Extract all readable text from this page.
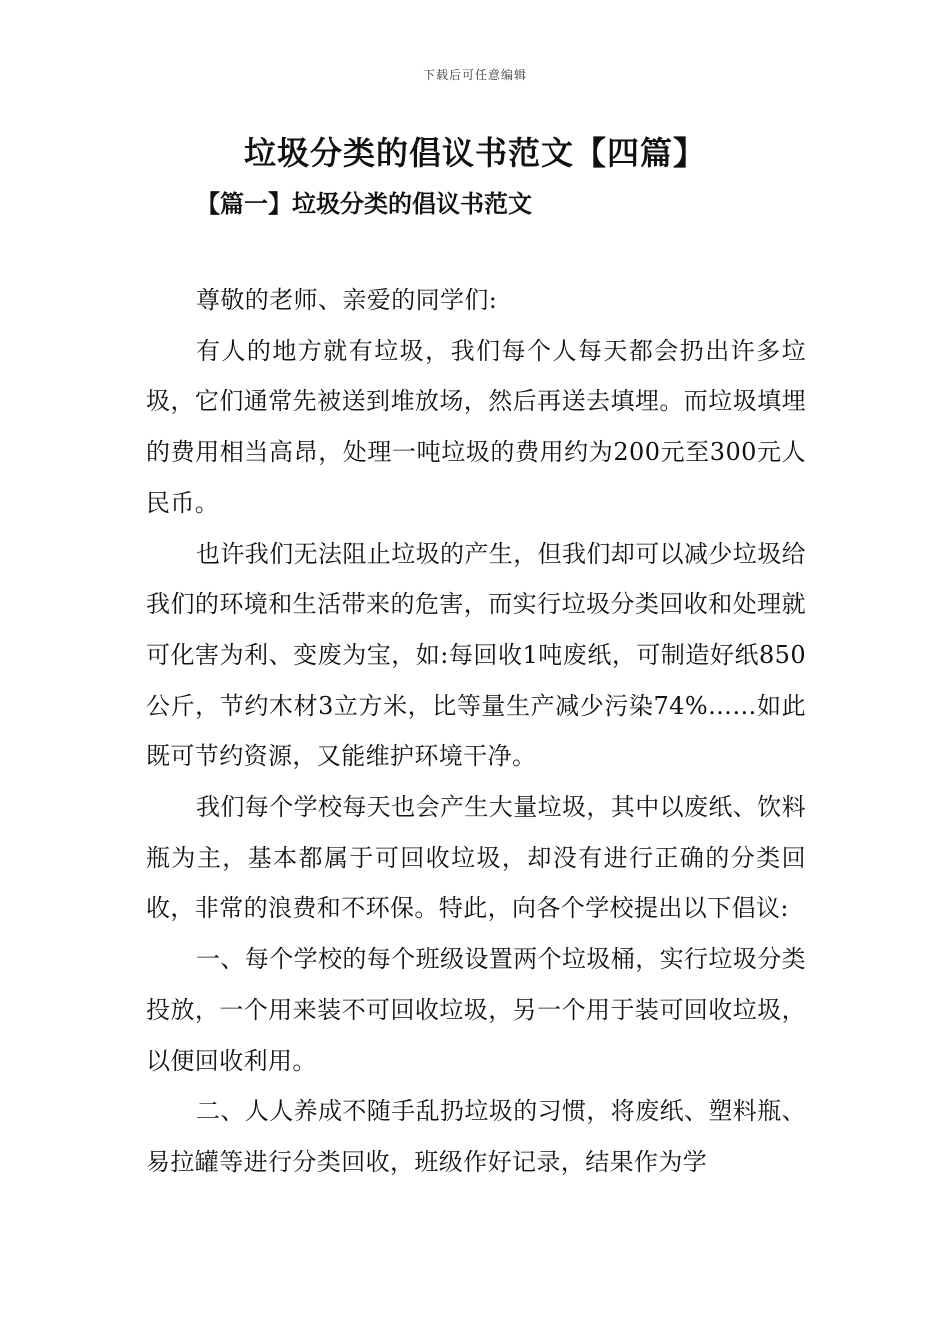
下载后可任意编辑
垃圾分类的倡议书范文【四篇】
【篇一】垃圾分类的倡议书范文

尊敬的老师、亲爱的同学们:

有人的地方就有垃圾，我们每个人每天都会扔出许多垃圾，它们通常先被送到堆放场，然后再送去填埋。而垃圾填埋的费用相当高昂，处理一吨垃圾的费用约为200元至300元人民币。

也许我们无法阻止垃圾的产生，但我们却可以减少垃圾给我们的环境和生活带来的危害，而实行垃圾分类回收和处理就可化害为利、变废为宝，如:每回收1吨废纸，可制造好纸850公斤，节约木材3立方米，比等量生产减少污染74%……如此既可节约资源，又能维护环境干净。

我们每个学校每天也会产生大量垃圾，其中以废纸、饮料瓶为主，基本都属于可回收垃圾，却没有进行正确的分类回收，非常的浪费和不环保。特此，向各个学校提出以下倡议:

一、每个学校的每个班级设置两个垃圾桶，实行垃圾分类投放，一个用来装不可回收垃圾，另一个用于装可回收垃圾，以便回收利用。

二、人人养成不随手乱扔垃圾的习惯，将废纸、塑料瓶、易拉罐等进行分类回收，班级作好记录，结果作为学
